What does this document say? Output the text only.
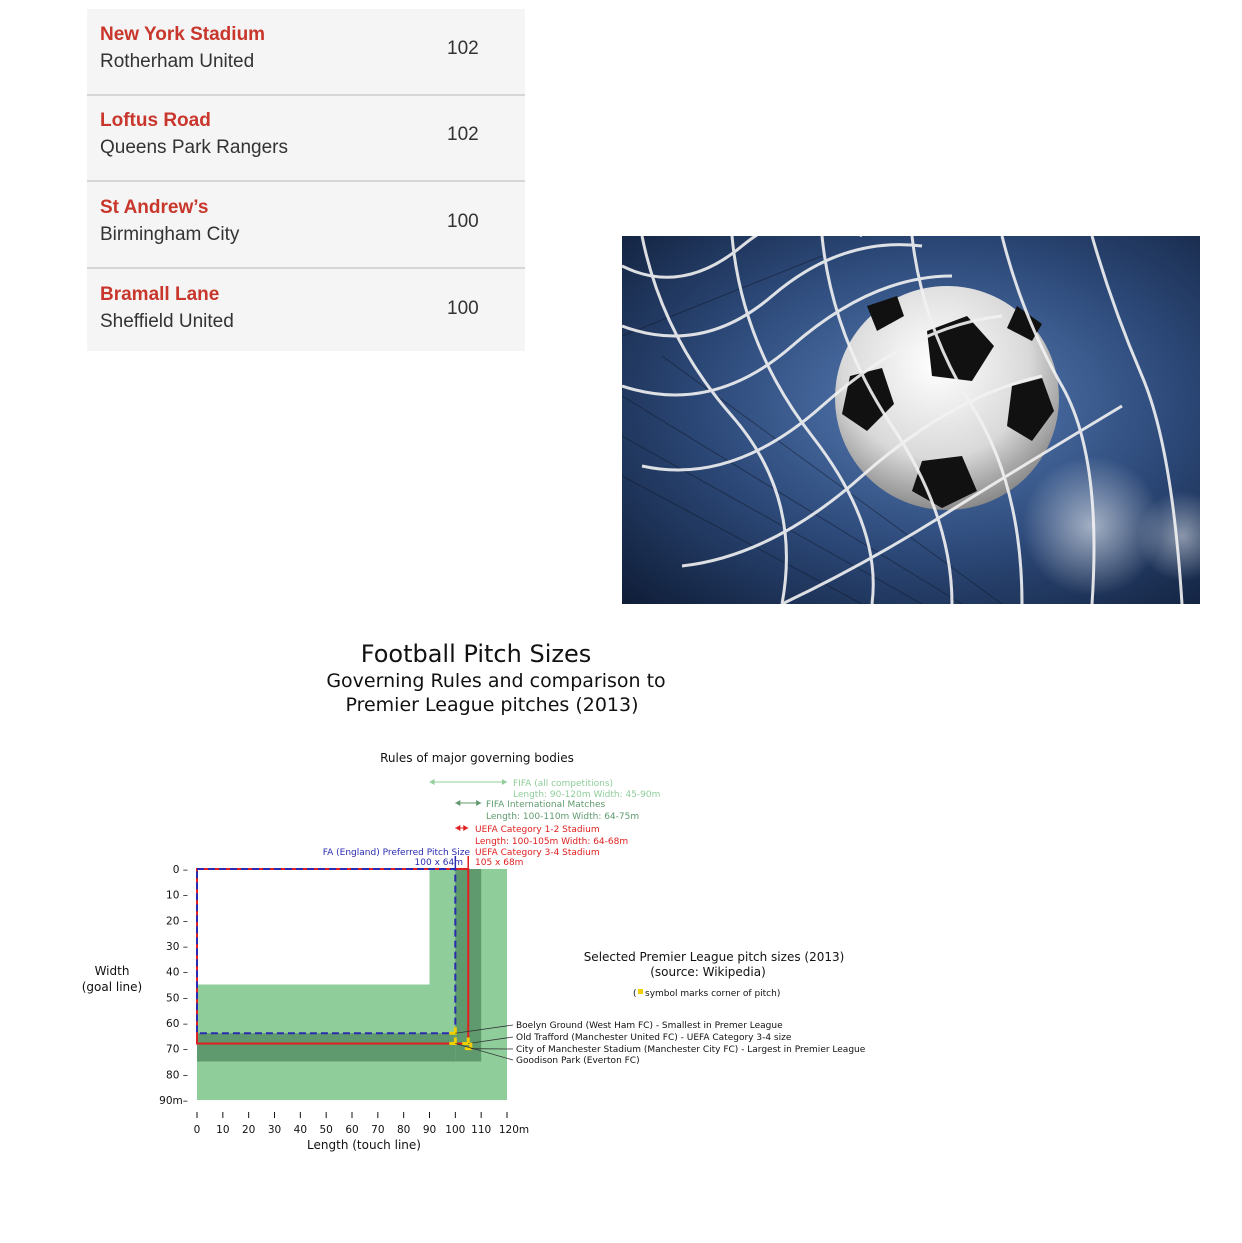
New York Stadium
Rotherham United
102
Loftus Road
Queens Park Rangers
102
St Andrew’s
Birmingham City
100
Bramall Lane
Sheffield United
100
Football Pitch Sizes
Governing Rules and comparison to
Premier League pitches (2013)
Rules of major governing bodies
FIFA (all competitions)
Length: 90-120m Width: 45-90m
FIFA International Matches
Length: 100-110m Width: 64-75m
UEFA Category 1-2 Stadium
Length: 100-105m Width: 64-68m
UEFA Category 3-4 Stadium
105 x 68m
FA (England) Preferred Pitch Size
100 x 64m
0 10 20 30 40 50 60 70 80 90 100 110 120m
0 –
10 –
20 –
30 –
40 –
50 –
60 –
70 –
80 –
90m–
Boelyn Ground (West Ham FC) - Smallest in Premer League
Old Trafford (Manchester United FC) - UEFA Category 3-4 size
City of Manchester Stadium (Manchester City FC) - Largest in Premier League
Goodison Park (Everton FC)
Width
(goal line)
Length (touch line)
Selected Premier League pitch sizes (2013)
(source: Wikipedia)
( symbol marks corner of pitch)
